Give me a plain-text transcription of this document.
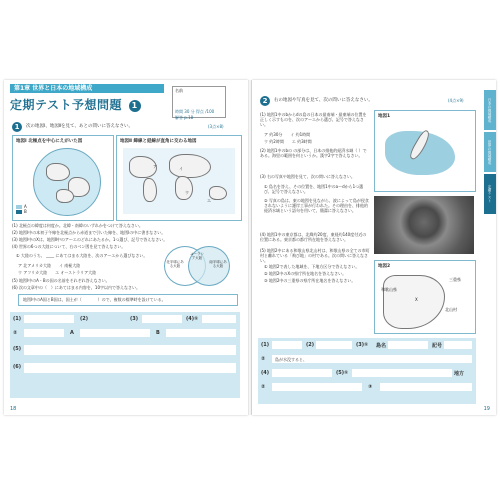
第1章 世界と日本の地域構成
定期テスト予想問題 1
名前
時間 30 分 得点 /100 解答 p.18
1	次の地図Ⅰ、地図Ⅱを見て、あとの問いに答えなさい。	(3点×8)
地図Ⅰ 北極点を中心にえがいた図
A
B
地図Ⅱ 緯線と経線が直角に交わる地図
ア	イ
ウ
エ
(1) 北極点の緯度は何度か。北緯・南緯のいずれかをつけて答えなさい。
(2) 地図Ⅰ中の本初子午線を北極点から赤道まで引いた線を、地図Ⅰの中に書きなさい。
(3) 地図Ⅰ中のXは、地図Ⅱ中のア〜エのどれにあたるか。1つ選び、記号で答えなさい。
(4) 世界の6つの大陸について、右のベン図を見て答えなさい。
① 大陸のうち、 ____ にあてはまる大陸を、次のア〜エから選びなさい。
ア 北アメリカ大陸　　イ 南極大陸
ウ アフリカ大陸　　エ オーストラリア大陸
(5) 地図Ⅰ中のA・Bの国の名前をそれぞれ答えなさい。
(6) 次の文章中の（　）にあてはまる内容を、10字以内で答えなさい。
北半球にある大陸
ユーラシア大陸
南半球にある大陸
地図Ⅰ中のA国とB国は、国土が（　　　　）ので、複数の標準時を設けている。
(1)	(2)	(3)	(4)①
②	A	B
(5)
(6)
18
2	右の地図や写真を見て、次の問いに答えなさい。	(4点×9)
(1) 地図1中のbからdの島の日本の最南端・最東端の位置を正しく示すものを、次のア〜エから選び、記号で答えなさい。
ア 約30分　　イ 約1時間
ウ 約2時間　　エ 約3時間
(2) 地図1中のbの の部分は、日本の排他的経済水域（ ）である。海里の範囲を何というか。漢字2字で答えなさい。
(3) 右の写真や地図を見て、次の問いに答えなさい。
① 島名を答え、その位置を、地図1中のa〜dから1つ選び、記号で答えなさい。
② 写真の島は、東の地図を見ながら、波によって島が侵食されないように護岸工事が行われた。その理由を、排他的経済水域という語句を用いて、簡潔に答えなさい。
(4) 地図1中の東京都は、北緯約20度、東経約140度付近の位置にある。東京都の都庁所在地を答えなさい。
(5) 地図2中にある和歌山県北山村は、和歌山県の全ての市町村と離れている「飛び地」の村である。次の問いに答えなさい。
① 地図2で表した地域を、下地方区分で答えなさい。
② 地図2中のXの県庁所在地名を答えなさい。
③ 地図2中の三重県の県庁所在地名を答えなさい。
地図1
地図2
和歌山県
X
三重県
北山村
(1)	(2)	(3)① 島名	記号
② 島が水没すると、
(4)	(5)①	地方
②	③
日本の地域構成
世界の地域構成
定期テスト
19
